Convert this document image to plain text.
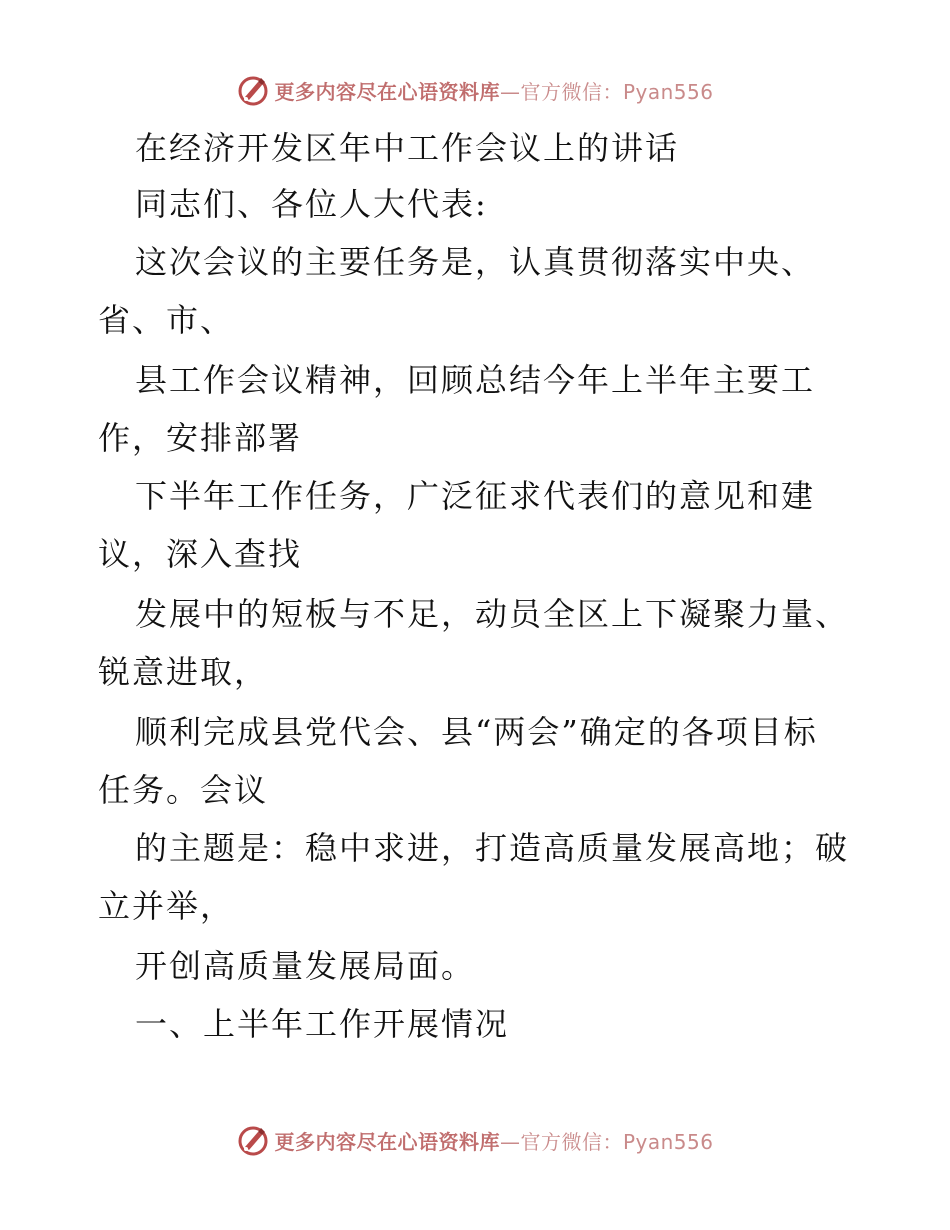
更多内容尽在心语资料库—官方微信：Pyan556
在经济开发区年中工作会议上的讲话
同志们、各位人大代表:
这次会议的主要任务是，认真贯彻落实中央、
省、市、
县工作会议精神，回顾总结今年上半年主要工
作，安排部署
下半年工作任务，广泛征求代表们的意见和建
议，深入查找
发展中的短板与不足，动员全区上下凝聚力量、
锐意进取，
顺利完成县党代会、县“两会”确定的各项目标
任务。会议
的主题是：稳中求进，打造高质量发展高地；破
立并举，
开创高质量发展局面。
一、上半年工作开展情况
更多内容尽在心语资料库—官方微信：Pyan556
